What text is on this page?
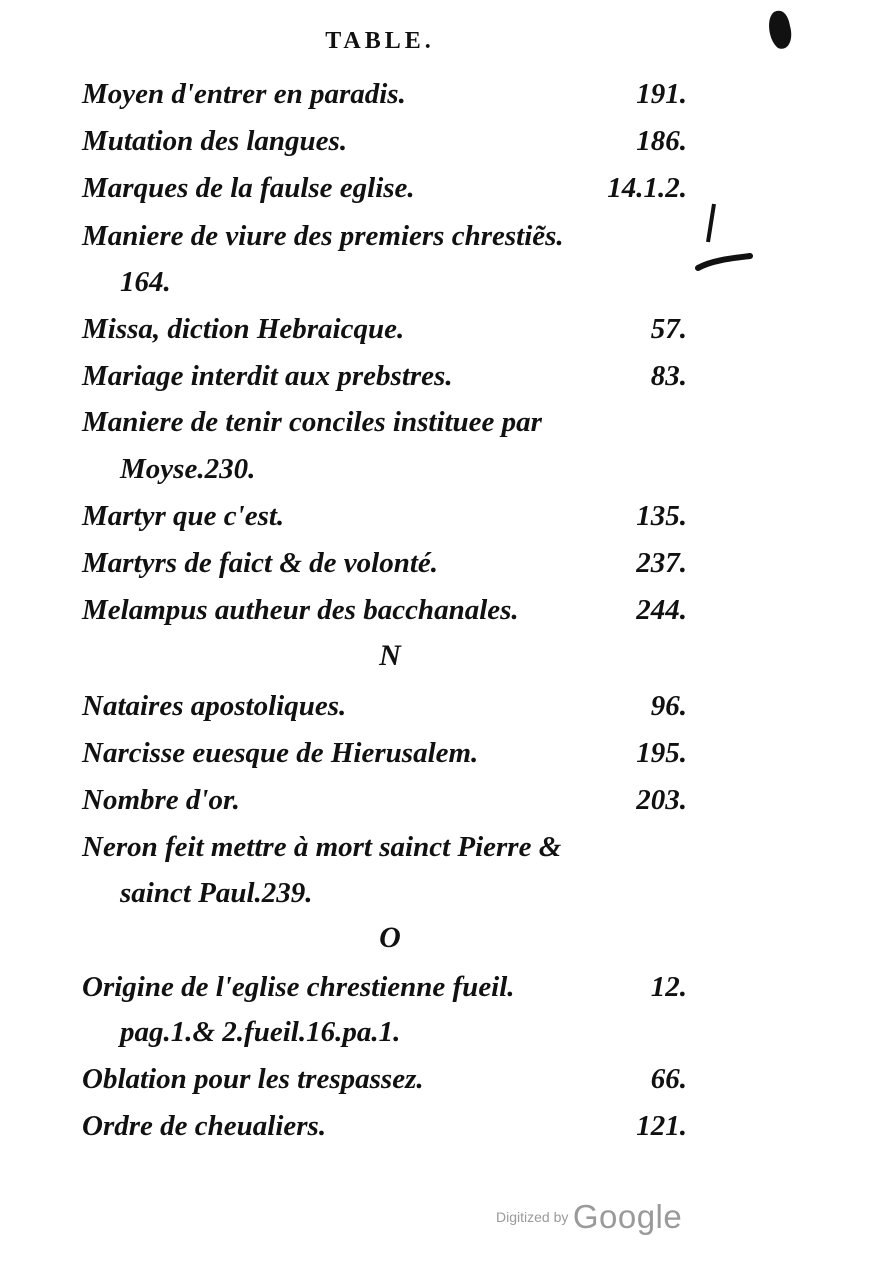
TABLE.
Moyen d'entrer en paradis.	191.
Mutation des langues.	186.
Marques de la faulse eglise.	14.1.2.
Maniere de viure des premiers chrestiẽs.
164.
Missa, diction Hebraicque.	57.
Mariage interdit aux prebstres.	83.
Maniere de tenir conciles instituee par
Moyse.230.
Martyr que c'est.	135.
Martyrs de faict & de volonté.	237.
Melampus autheur des bacchanales.	244.
N
Nataires apostoliques.	96.
Narcisse euesque de Hierusalem.	195.
Nombre d'or.	203.
Neron feit mettre à mort sainct Pierre &
sainct Paul.239.
O
Origine de l'eglise chrestienne fueil.	12.
pag.1.& 2.fueil.16.pa.1.
Oblation pour les trespassez.	66.
Ordre de cheualiers.	121.
Digitized by Google
